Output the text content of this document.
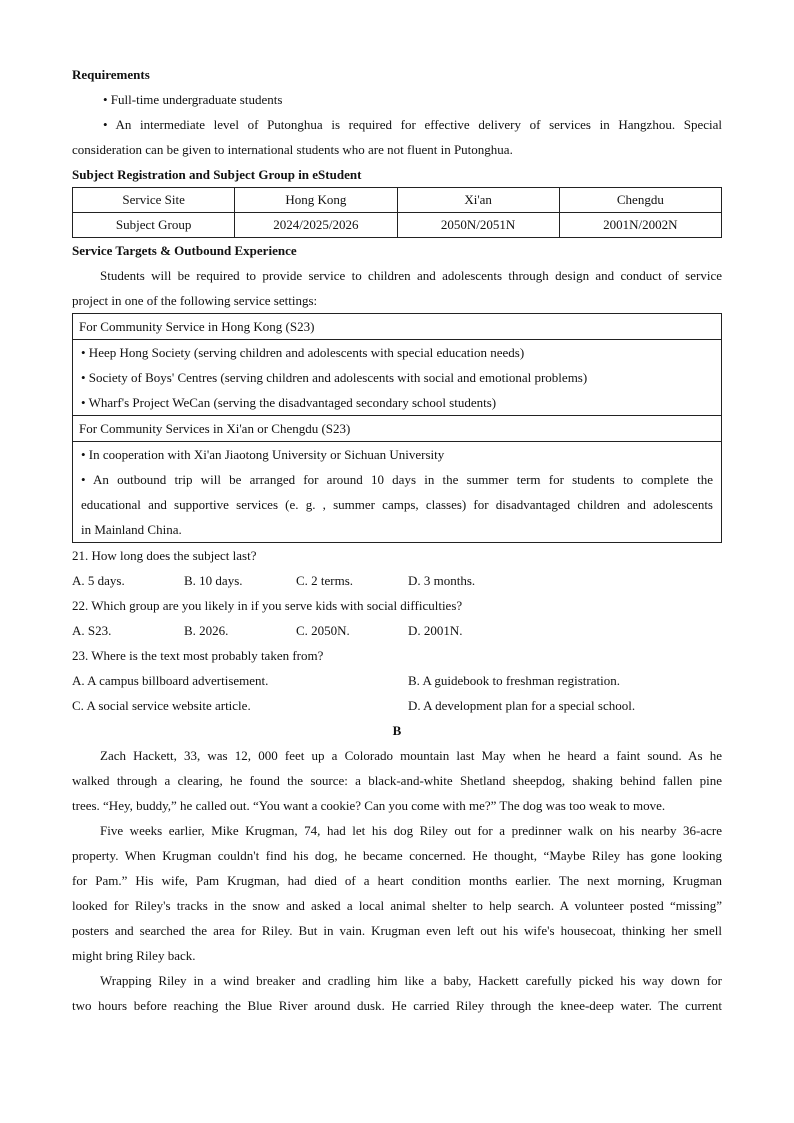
Requirements
• Full-time undergraduate students
• An intermediate level of Putonghua is required for effective delivery of services in Hangzhou. Special
consideration can be given to international students who are not fluent in Putonghua.
Subject Registration and Subject Group in eStudent
Service Site	Hong Kong	Xi'an	Chengdu
Subject Group	2024/2025/2026	2050N/2051N	2001N/2002N
Service Targets & Outbound Experience
Students will be required to provide service to children and adolescents through design and conduct of service
project in one of the following service settings:
For Community Service in Hong Kong (S23)
• Heep Hong Society (serving children and adolescents with special education needs)
• Society of Boys' Centres (serving children and adolescents with social and emotional problems)
• Wharf's Project WeCan (serving the disadvantaged secondary school students)
For Community Services in Xi'an or Chengdu (S23)
• In cooperation with Xi'an Jiaotong University or Sichuan University
• An outbound trip will be arranged for around 10 days in the summer term for students to complete the
educational and supportive services (e. g. , summer camps, classes) for disadvantaged children and adolescents
in Mainland China.
21. How long does the subject last?
A. 5 days.	B. 10 days.	C. 2 terms.	D. 3 months.
22. Which group are you likely in if you serve kids with social difficulties?
A. S23.	B. 2026.	C. 2050N.	D. 2001N.
23. Where is the text most probably taken from?
A. A campus billboard advertisement.	B. A guidebook to freshman registration.
C. A social service website article.	D. A development plan for a special school.
B
Zach Hackett, 33, was 12, 000 feet up a Colorado mountain last May when he heard a faint sound. As he
walked through a clearing, he found the source: a black-and-white Shetland sheepdog, shaking behind fallen pine
trees. “Hey, buddy,” he called out. “You want a cookie? Can you come with me?” The dog was too weak to move.
Five weeks earlier, Mike Krugman, 74, had let his dog Riley out for a predinner walk on his nearby 36-acre
property. When Krugman couldn't find his dog, he became concerned. He thought, “Maybe Riley has gone looking
for Pam.” His wife, Pam Krugman, had died of a heart condition months earlier. The next morning, Krugman
looked for Riley's tracks in the snow and asked a local animal shelter to help search. A volunteer posted “missing”
posters and searched the area for Riley. But in vain. Krugman even left out his wife's housecoat, thinking her smell
might bring Riley back.
Wrapping Riley in a wind breaker and cradling him like a baby, Hackett carefully picked his way down for
two hours before reaching the Blue River around dusk. He carried Riley through the knee-deep water. The current
